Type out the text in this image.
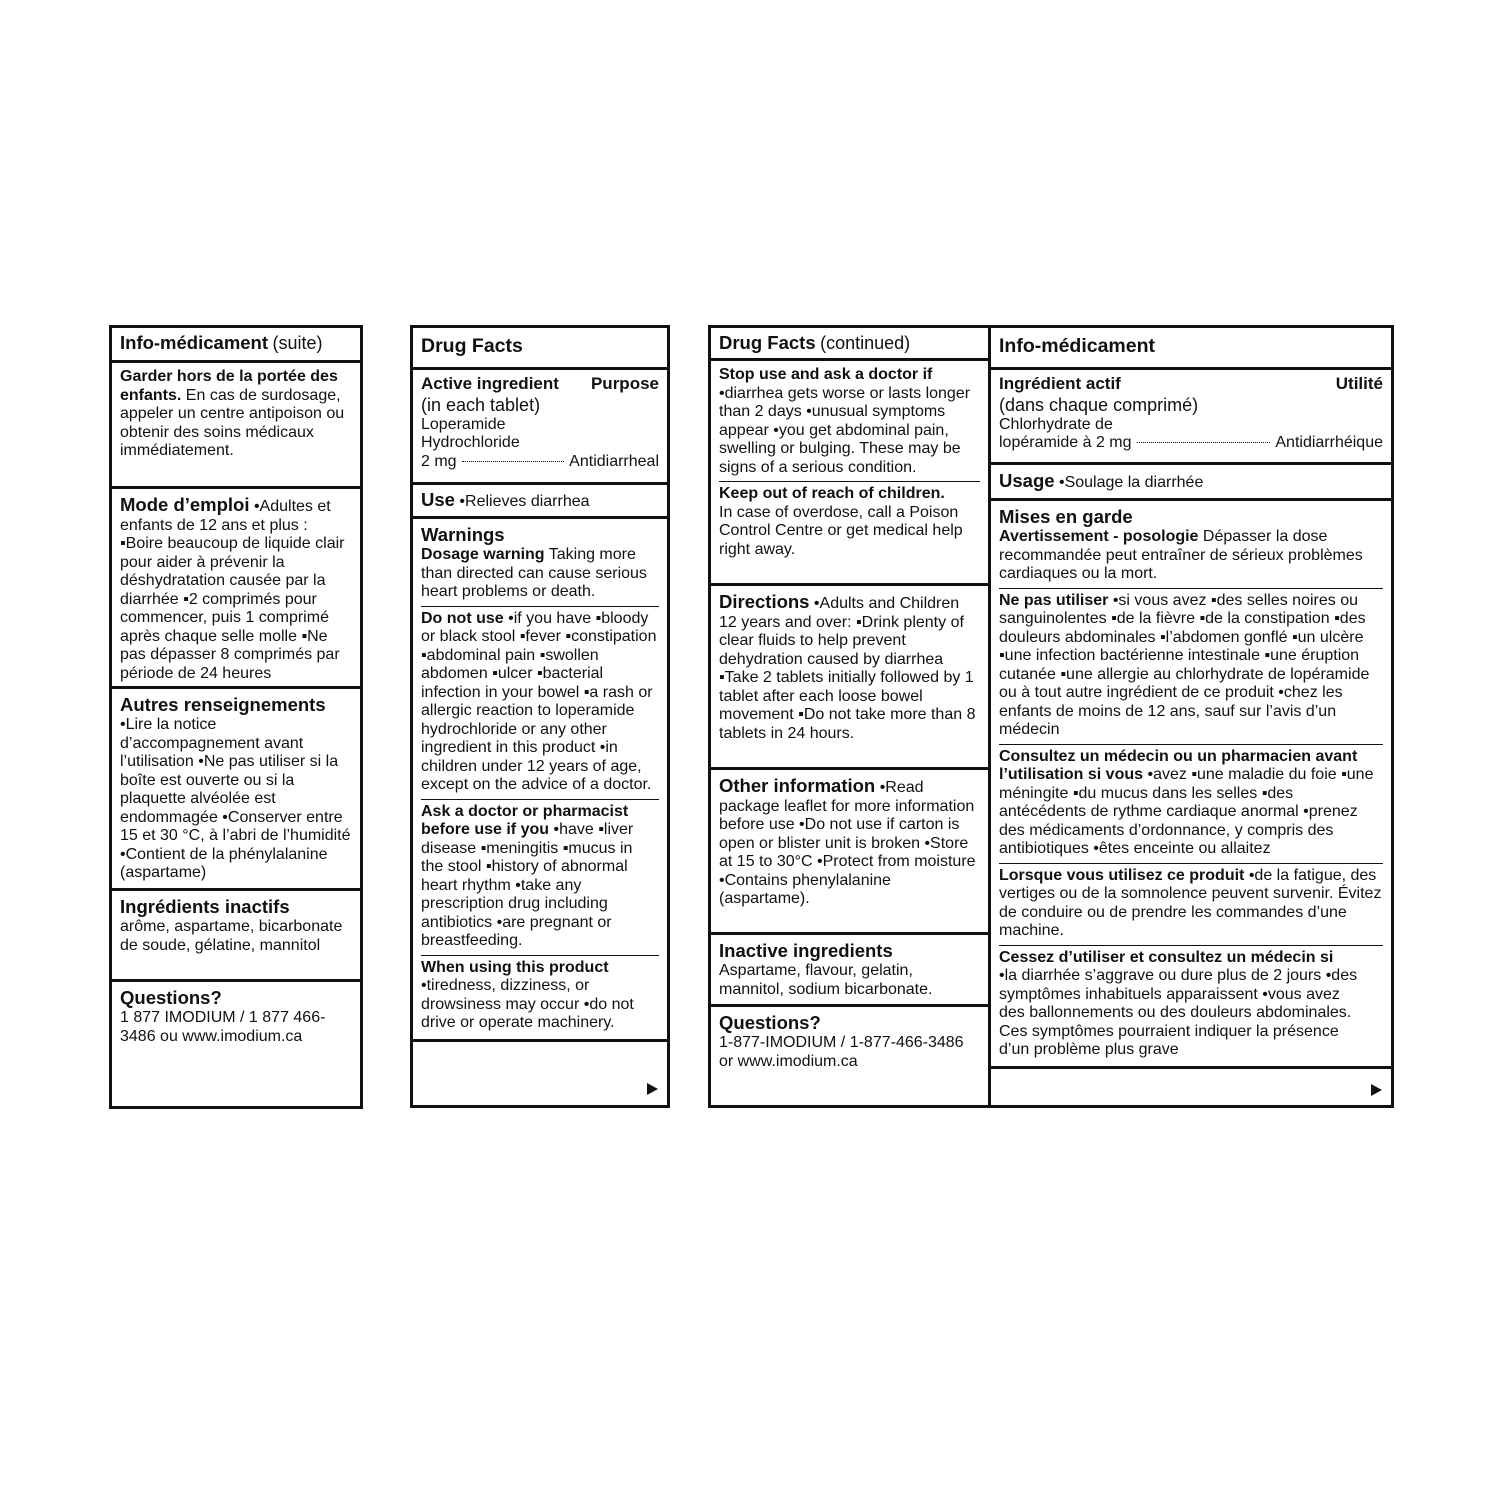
Info-médicament (suite)
Garder hors de la portée des enfants. En cas de surdosage, appeler un centre antipoison ou obtenir des soins médicaux immédiatement.
Mode d’emploi •Adultes et enfants de 12 ans et plus : ▪Boire beaucoup de liquide clair pour aider à prévenir la déshydratation causée par la diarrhée ▪2 comprimés pour commencer, puis 1 comprimé après chaque selle molle ▪Ne pas dépasser 8 comprimés par période de 24 heures
Autres renseignements
•Lire la notice d’accompagnement avant l’utilisation •Ne pas utiliser si la boîte est ouverte ou si la plaquette alvéolée est endommagée •Conserver entre 15 et 30 °C, à l’abri de l’humidité •Contient de la phénylalanine (aspartame)
Ingrédients inactifs
arôme, aspartame, bicarbonate de soude, gélatine, mannitol
Questions?
1 877 IMODIUM / 1 877 466-3486 ou www.imodium.ca
Drug Facts
Active ingredient Purpose
(in each tablet)
Loperamide
Hydrochloride
2 mg	Antidiarrheal
Use •Relieves diarrhea
Warnings
Dosage warning Taking more than directed can cause serious heart problems or death.
Do not use •if you have ▪bloody or black stool ▪fever ▪constipation ▪abdominal pain ▪swollen abdomen ▪ulcer ▪bacterial infection in your bowel ▪a rash or allergic reaction to loperamide hydrochloride or any other ingredient in this product •in children under 12 years of age, except on the advice of a doctor.
Ask a doctor or pharmacist before use if you •have ▪liver disease ▪meningitis ▪mucus in the stool ▪history of abnormal heart rhythm •take any prescription drug including antibiotics •are pregnant or breastfeeding.
When using this product
•tiredness, dizziness, or drowsiness may occur •do not drive or operate machinery.
Drug Facts (continued)
Stop use and ask a doctor if
•diarrhea gets worse or lasts longer than 2 days •unusual symptoms appear •you get abdominal pain, swelling or bulging. These may be signs of a serious condition.
Keep out of reach of children.
In case of overdose, call a Poison Control Centre or get medical help right away.
Directions •Adults and Children 12 years and over: ▪Drink plenty of clear fluids to help prevent dehydration caused by diarrhea ▪Take 2 tablets initially followed by 1 tablet after each loose bowel movement ▪Do not take more than 8 tablets in 24 hours.
Other information •Read package leaflet for more information before use •Do not use if carton is open or blister unit is broken •Store at 15 to 30°C •Protect from moisture •Contains phenylalanine (aspartame).
Inactive ingredients
Aspartame, flavour, gelatin, mannitol, sodium bicarbonate.
Questions?
1-877-IMODIUM / 1-877-466-3486 or www.imodium.ca
Info-médicament
Ingrédient actif	Utilité
(dans chaque comprimé)
Chlorhydrate de
lopéramide à 2 mg	Antidiarrhéique
Usage •Soulage la diarrhée
Mises en garde
Avertissement - posologie Dépasser la dose recommandée peut entraîner de sérieux problèmes cardiaques ou la mort.
Ne pas utiliser •si vous avez ▪des selles noires ou sanguinolentes ▪de la fièvre ▪de la constipation ▪des douleurs abdominales ▪l’abdomen gonflé ▪un ulcère ▪une infection bactérienne intestinale ▪une éruption cutanée ▪une allergie au chlorhydrate de lopéramide ou à tout autre ingrédient de ce produit •chez les enfants de moins de 12 ans, sauf sur l’avis d’un médecin
Consultez un médecin ou un pharmacien avant l’utilisation si vous •avez ▪une maladie du foie ▪une méningite ▪du mucus dans les selles ▪des antécédents de rythme cardiaque anormal •prenez des médicaments d’ordonnance, y compris des antibiotiques •êtes enceinte ou allaitez
Lorsque vous utilisez ce produit •de la fatigue, des vertiges ou de la somnolence peuvent survenir. Évitez de conduire ou de prendre les commandes d’une machine.
Cessez d’utiliser et consultez un médecin si
•la diarrhée s’aggrave ou dure plus de 2 jours •des symptômes inhabituels apparaissent •vous avez des ballonnements ou des douleurs abdominales. Ces symptômes pourraient indiquer la présence d’un problème plus grave
